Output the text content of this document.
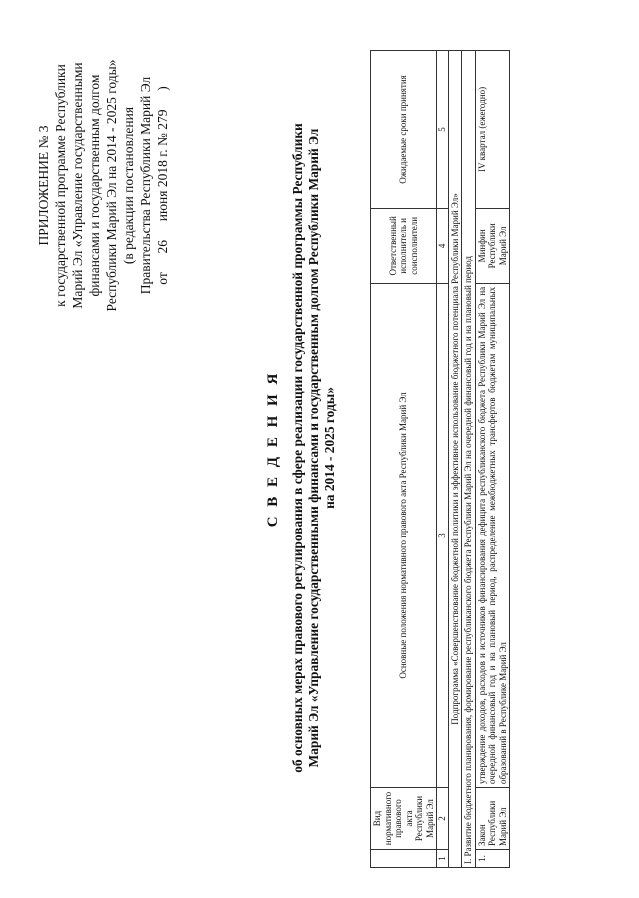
ПРИЛОЖЕНИЕ № 3 к государственной программе Республики Марий Эл «Управление государственными финансами и государственным долгом Республики Марий Эл на 2014 - 2025 годы» (в редакции постановления Правительства Республики Марий Эл от  26  июня 2018 г. № 279  )
С В Е Д Е Н И Я об основных мерах правового регулирования в сфере реализации государственной программы Республики Марий Эл «Управление государственными финансами и государственным долгом Республики Марий Эл на 2014 - 2025 годы»
	Вид нормативного правового акта Республики Марий Эл	Основные положения нормативного правового акта Республики Марий Эл	Ответственный исполнитель и соисполнители	Ожидаемые сроки принятия
1	2	3	4	5
Подпрограмма «Совершенствование бюджетной политики и эффективное использование бюджетного потенциала Республики Марий Эл»				
I. Развитие бюджетного планирования, формирование республиканского бюджета Республики Марий Эл на очередной финансовый год и на плановый период				
1.	Закон Республики Марий Эл	утверждение доходов, расходов и источников финансирования дефицита республиканского бюджета Республики Марий Эл на очередной финансовый год и на плановый период, распределение межбюджетных трансфертов бюджетам муниципальных образований в Республике Марий Эл	Минфин Республики Марий Эл	IV квартал (ежегодно)
